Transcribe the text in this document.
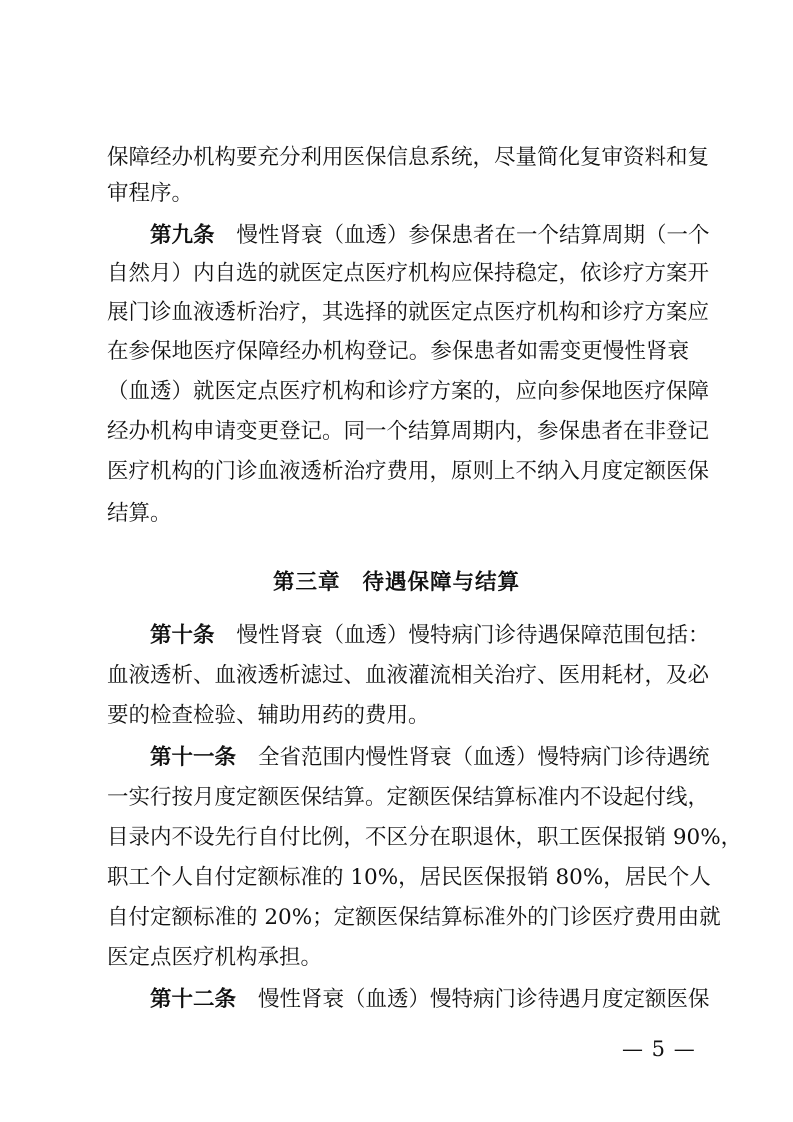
保障经办机构要充分利用医保信息系统，尽量简化复审资料和复
审程序。
第九条 慢性肾衰（血透）参保患者在一个结算周期（一个
自然月）内自选的就医定点医疗机构应保持稳定，依诊疗方案开
展门诊血液透析治疗，其选择的就医定点医疗机构和诊疗方案应
在参保地医疗保障经办机构登记。参保患者如需变更慢性肾衰
（血透）就医定点医疗机构和诊疗方案的，应向参保地医疗保障
经办机构申请变更登记。同一个结算周期内，参保患者在非登记
医疗机构的门诊血液透析治疗费用，原则上不纳入月度定额医保
结算。
第三章 待遇保障与结算
第十条 慢性肾衰（血透）慢特病门诊待遇保障范围包括：
血液透析、血液透析滤过、血液灌流相关治疗、医用耗材，及必
要的检查检验、辅助用药的费用。
第十一条 全省范围内慢性肾衰（血透）慢特病门诊待遇统
一实行按月度定额医保结算。定额医保结算标准内不设起付线，
目录内不设先行自付比例，不区分在职退休，职工医保报销 90%，
职工个人自付定额标准的 10%，居民医保报销 80%，居民个人
自付定额标准的 20%；定额医保结算标准外的门诊医疗费用由就
医定点医疗机构承担。
第十二条 慢性肾衰（血透）慢特病门诊待遇月度定额医保
— 5 —
